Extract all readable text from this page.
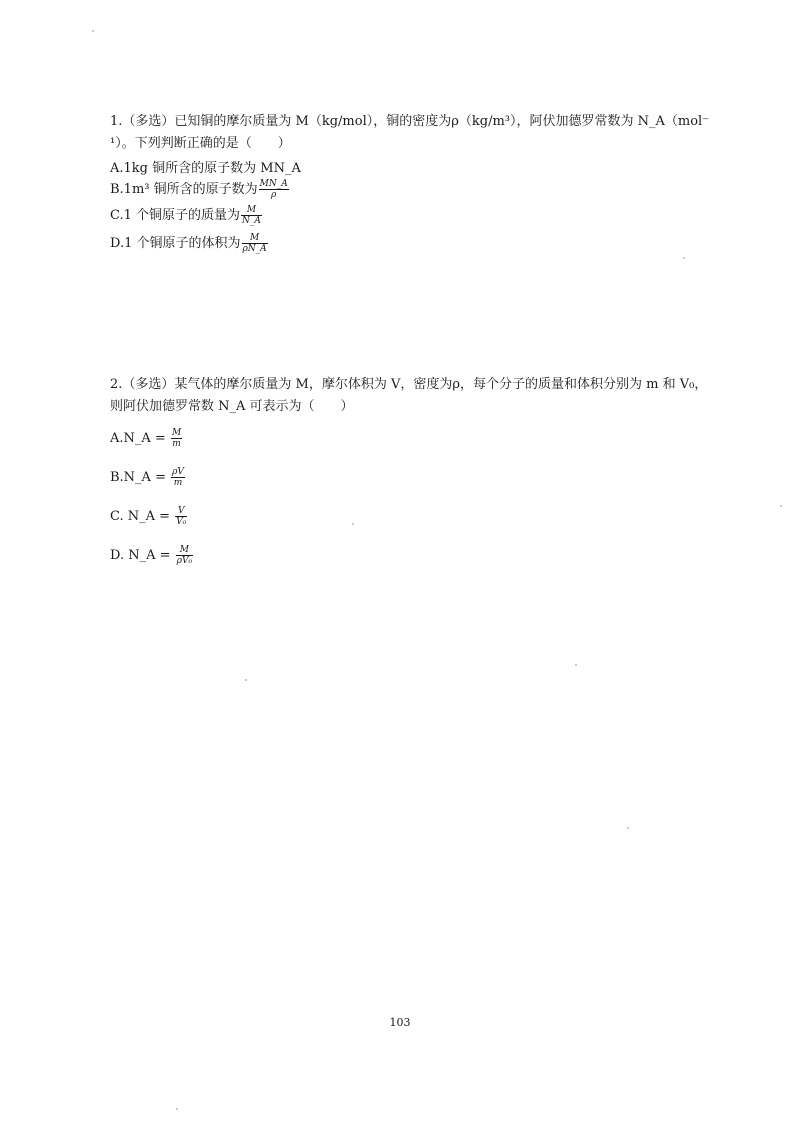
1.（多选）已知铜的摩尔质量为 M（kg/mol），铜的密度为ρ（kg/m³），阿伏加德罗常数为 N_A（mol⁻
¹）。下列判断正确的是（　　）
A.1kg 铜所含的原子数为 MN_A
B.1m³ 铜所含的原子数为 $\frac{MN\_A}{\rho}$
C.1 个铜原子的质量为 $\frac{M}{N\_A}$
D.1 个铜原子的体积为 $\frac{M}{\rho N\_A}$
2.（多选）某气体的摩尔质量为 M，摩尔体积为 V，密度为ρ，每个分子的质量和体积分别为 m 和 V₀，
则阿伏加德罗常数 N_A 可表示为（　　）
A.N_A = $\frac{M}{m}$
B.N_A = $\frac{\rho V}{m}$
C. N_A = $\frac{V}{\text{V₀}}$
D. N_A = $\frac{M}{\text{ρV₀}}$
103
